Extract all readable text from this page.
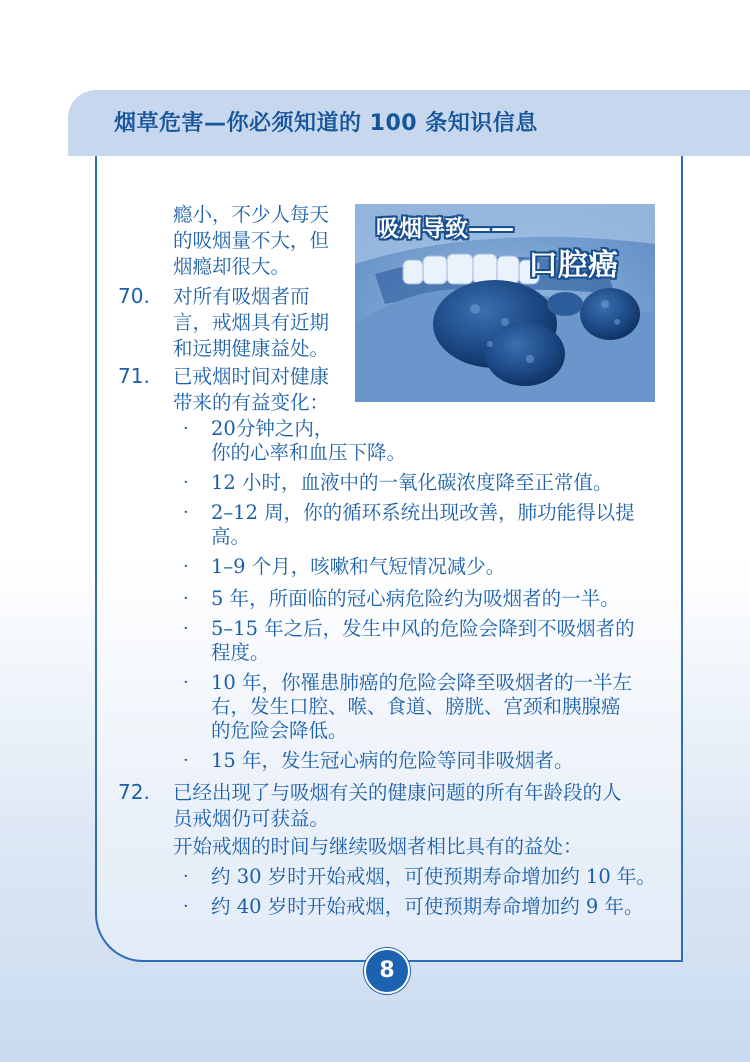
烟草危害—你必须知道的 100 条知识信息
吸烟导致——
口腔癌
瘾小，不少人每天
的吸烟量不大，但
烟瘾却很大。
70. 对所有吸烟者而
言，戒烟具有近期
和远期健康益处。
71. 已戒烟时间对健康
带来的有益变化：
· 20分钟之内，
你的心率和血压下降。
· 12 小时，血液中的一氧化碳浓度降至正常值。
· 2–12 周，你的循环系统出现改善，肺功能得以提
高。
· 1–9 个月，咳嗽和气短情况减少。
· 5 年，所面临的冠心病危险约为吸烟者的一半。
· 5–15 年之后，发生中风的危险会降到不吸烟者的
程度。
· 10 年，你罹患肺癌的危险会降至吸烟者的一半左
右，发生口腔、喉、食道、膀胱、宫颈和胰腺癌
的危险会降低。
· 15 年，发生冠心病的危险等同非吸烟者。
72. 已经出现了与吸烟有关的健康问题的所有年龄段的人
员戒烟仍可获益。
开始戒烟的时间与继续吸烟者相比具有的益处：
· 约 30 岁时开始戒烟，可使预期寿命增加约 10 年。
· 约 40 岁时开始戒烟，可使预期寿命增加约 9 年。
8
